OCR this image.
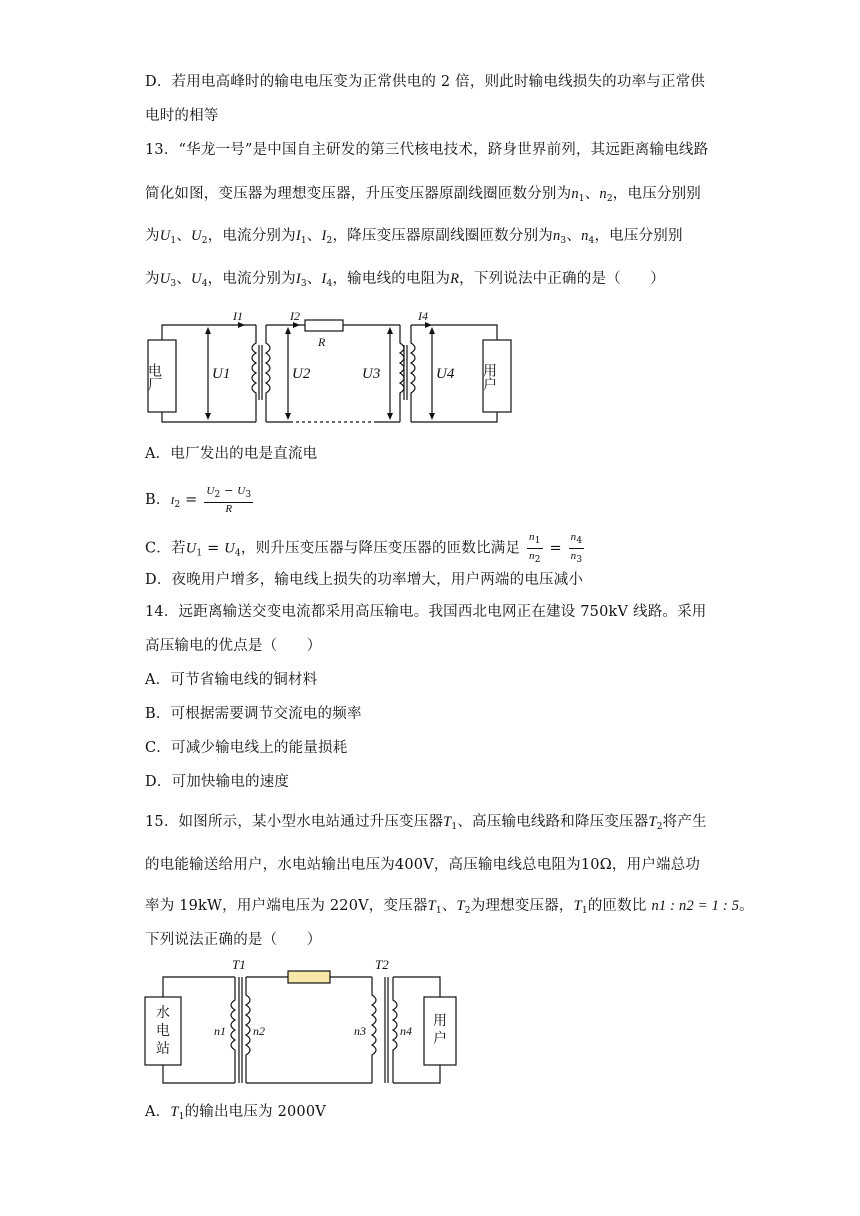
D．若用电高峰时的输电电压变为正常供电的 2 倍，则此时输电线损失的功率与正常供
电时的相等
13．“华龙一号”是中国自主研发的第三代核电技术，跻身世界前列，其远距离输电线路
简化如图，变压器为理想变压器，升压变压器原副线圈匝数分别为$n_1$、$n_2$，电压分别别
为$U_1$、$U_2$，电流分别为$I_1$、$I_2$，降压变压器原副线圈匝数分别为$n_3$、$n_4$，电压分别别
为$U_3$、$U_4$，电流分别为$I_3$、$I_4$，输电线的电阻为R，下列说法中正确的是（　　）
电厂	用户
I1	I2	I4
R
U1	U2	U3	U4
A．电厂发出的电是直流电
B．$I_2 = \frac{U_2 - U_3}{R}$
C．若$U_1 = U_4$，则升压变压器与降压变压器的匝数比满足 $\frac{n_1}{n_2} = \frac{n_4}{n_3}$
D．夜晚用户增多，输电线上损失的功率增大，用户两端的电压减小
14．远距离输送交变电流都采用高压输电。我国西北电网正在建设 750kV 线路。采用
高压输电的优点是（　　）
A．可节省输电线的铜材料
B．可根据需要调节交流电的频率
C．可减少输电线上的能量损耗
D．可加快输电的速度
15．如图所示，某小型水电站通过升压变压器$T_1$、高压输电线路和降压变压器$T_2$将产生
的电能输送给用户，水电站输出电压为400V，高压输电线总电阻为10Ω，用户端总功
率为 19kW，用户端电压为 220V，变压器$T_1$、$T_2$为理想变压器，$T_1$的匝数比 n1 : n2 = 1 : 5。
下列说法正确的是（　　）
水
电
站
用
户
T1	T2
n1 n2	n3	n4
A．$T_1$的输出电压为 2000V
